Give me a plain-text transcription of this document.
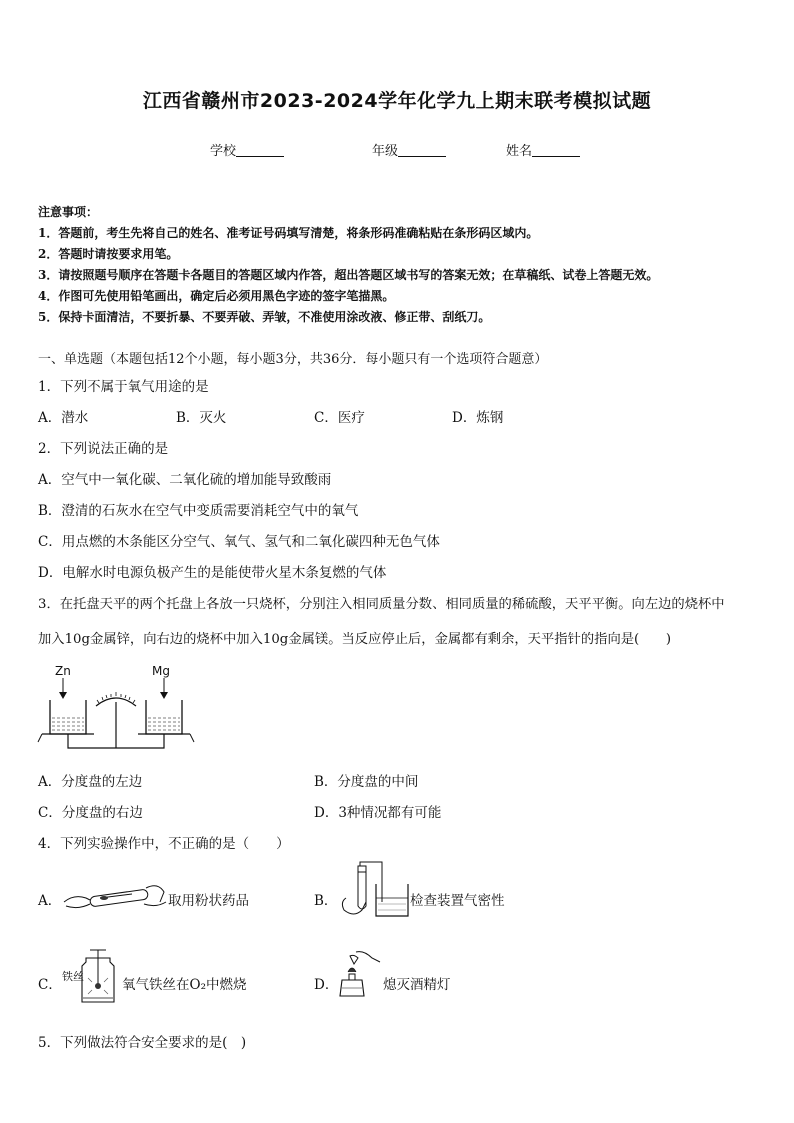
江西省赣州市2023-2024学年化学九上期末联考模拟试题
学校	年级	姓名
注意事项：
1．答题前，考生先将自己的姓名、准考证号码填写清楚，将条形码准确粘贴在条形码区域内。
2．答题时请按要求用笔。
3．请按照题号顺序在答题卡各题目的答题区域内作答，超出答题区域书写的答案无效；在草稿纸、试卷上答题无效。
4．作图可先使用铅笔画出，确定后必须用黑色字迹的签字笔描黑。
5．保持卡面清洁，不要折暴、不要弄破、弄皱，不准使用涂改液、修正带、刮纸刀。
一、单选题（本题包括12个小题，每小题3分，共36分．每小题只有一个选项符合题意）
1．下列不属于氧气用途的是
A．潜水	B．灭火	C．医疗	D．炼钢
2．下列说法正确的是
A．空气中一氧化碳、二氧化硫的增加能导致酸雨
B．澄清的石灰水在空气中变质需要消耗空气中的氧气
C．用点燃的木条能区分空气、氧气、氢气和二氧化碳四种无色气体
D．电解水时电源负极产生的是能使带火星木条复燃的气体
3．在托盘天平的两个托盘上各放一只烧杯，分别注入相同质量分数、相同质量的稀硫酸，天平平衡。向左边的烧杯中
加入10g金属锌，向右边的烧杯中加入10g金属镁。当反应停止后，金属都有剩余，天平指针的指向是(　　)
Zn	Mg
A．分度盘的左边	B．分度盘的中间
C．分度盘的右边	D．3种情况都有可能
4．下列实验操作中，不正确的是（　　）
A．	取用粉状药品	B．	检查装置气密性
C．
铁丝
氧气铁丝在O₂中燃烧	D．	熄灭酒精灯
5．下列做法符合安全要求的是(　)
